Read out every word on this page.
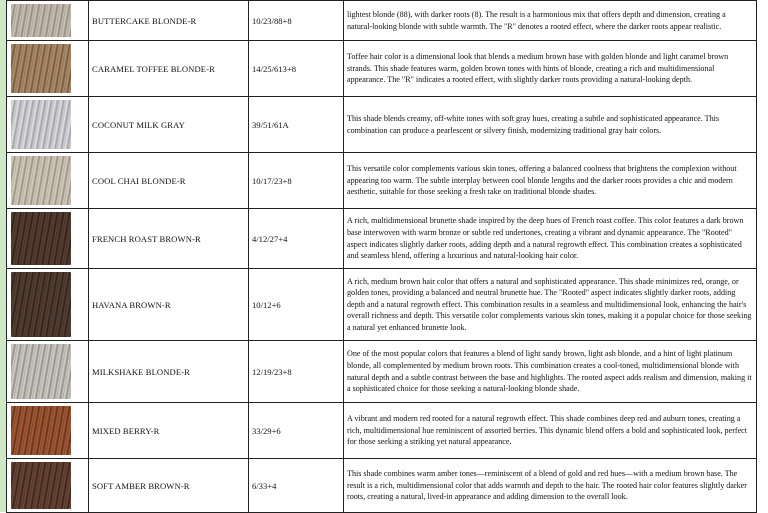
	BUTTERCAKE BLONDE-R	10/23/88+8	lightest blonde (88), with darker roots (8). The result is a harmonious mix that offers depth and dimension, creating a natural-looking blonde with subtle warmth. The "R" denotes a rooted effect, where the darker roots appear realistic.

	CARAMEL TOFFEE BLONDE-R	14/25/613+8	Toffee hair color is a dimensional look that blends a medium brown base with golden blonde and light caramel brown strands. This shade features warm, golden brown tones with hints of blonde, creating a rich and multidimensional appearance. The "R" indicates a rooted effect, with slightly darker roots providing a natural-looking depth.

	COCONUT MILK GRAY	39/51/61A	This shade blends creamy, off-white tones with soft gray hues, creating a subtle and sophisticated appearance. This combination can produce a pearlescent or silvery finish, modernizing traditional gray hair colors.

	COOL CHAI BLONDE-R	10/17/23+8	This versatile color complements various skin tones, offering a balanced coolness that brightens the complexion without appearing too warm. The subtle interplay between cool blonde lengths and the darker roots provides a chic and modern aesthetic, suitable for those seeking a fresh take on traditional blonde shades.

	FRENCH ROAST BROWN-R	4/12/27+4	A rich, multidimensional brunette shade inspired by the deep hues of French roast coffee. This color features a dark brown base interwoven with warm bronze or subtle red undertones, creating a vibrant and dynamic appearance. The "Rooted" aspect indicates slightly darker roots, adding depth and a natural regrowth effect. This combination creates a sophisticated and seamless blend, offering a luxurious and natural-looking hair color.

	HAVANA BROWN-R	10/12+6	A rich, medium brown hair color that offers a natural and sophisticated appearance. This shade minimizes red, orange, or golden tones, providing a balanced and neutral brunette hue. The "Rooted" aspect indicates slightly darker roots, adding depth and a natural regrowth effect. This combination results in a seamless and multidimensional look, enhancing the hair's overall richness and depth. This versatile color complements various skin tones, making it a popular choice for those seeking a natural yet enhanced brunette look.

	MILKSHAKE BLONDE-R	12/19/23+8	One of the most popular colors that features a blend of light sandy brown, light ash blonde, and a hint of light platinum blonde, all complemented by medium brown roots. This combination creates a cool-toned, multidimensional blonde with natural depth and a subtle contrast between the base and highlights. The rooted aspect adds realism and dimension, making it a sophisticated choice for those seeking a natural-looking blonde shade.

	MIXED BERRY-R	33/29+6	A vibrant and modern red rooted for a natural regrowth effect. This shade combines deep red and auburn tones, creating a rich, multidimensional hue reminiscent of assorted berries. This dynamic blend offers a bold and sophisticated look, perfect for those seeking a striking yet natural appearance.

	SOFT AMBER BROWN-R	6/33+4	This shade combines warm amber tones—reminiscent of a blend of gold and red hues—with a medium brown base. The result is a rich, multidimensional color that adds warmth and depth to the hair. The rooted hair color features slightly darker roots, creating a natural, lived-in appearance and adding dimension to the overall look.
